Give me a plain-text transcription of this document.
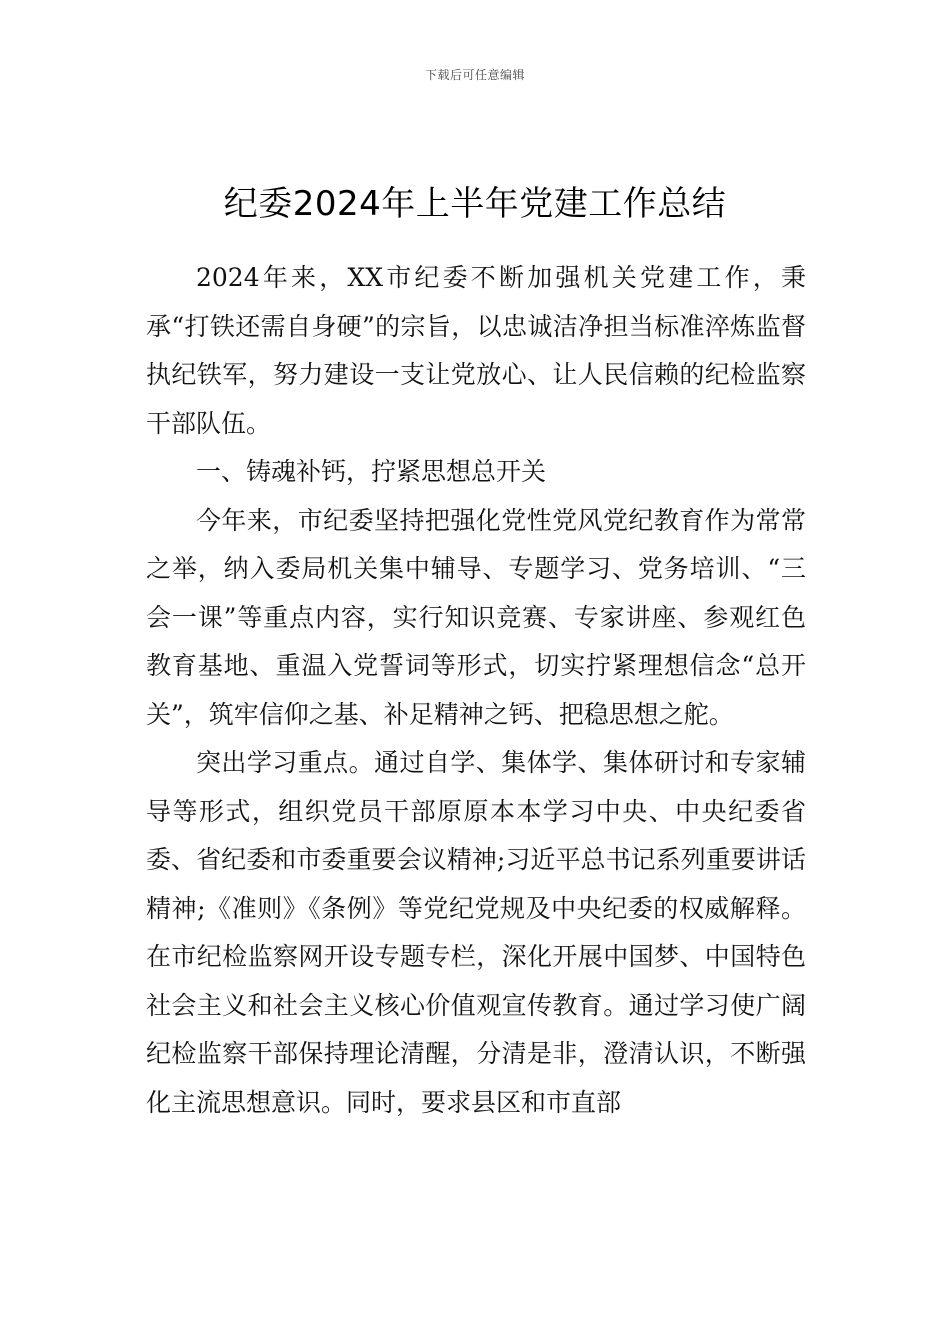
下载后可任意编辑
纪委2024年上半年党建工作总结

2024年来，XX市纪委不断加强机关党建工作，秉承“打铁还需自身硬”的宗旨，以忠诚洁净担当标准淬炼监督执纪铁军，努力建设一支让党放心、让人民信赖的纪检监察干部队伍。

一、铸魂补钙，拧紧思想总开关

今年来，市纪委坚持把强化党性党风党纪教育作为常常之举，纳入委局机关集中辅导、专题学习、党务培训、“三会一课”等重点内容，实行知识竞赛、专家讲座、参观红色教育基地、重温入党誓词等形式，切实拧紧理想信念“总开关”，筑牢信仰之基、补足精神之钙、把稳思想之舵。

突出学习重点。通过自学、集体学、集体研讨和专家辅导等形式，组织党员干部原原本本学习中央、中央纪委省委、省纪委和市委重要会议精神;习近平总书记系列重要讲话精神;《准则》《条例》等党纪党规及中央纪委的权威解释。在市纪检监察网开设专题专栏，深化开展中国梦、中国特色社会主义和社会主义核心价值观宣传教育。通过学习使广阔纪检监察干部保持理论清醒，分清是非，澄清认识，不断强化主流思想意识。同时，要求县区和市直部
